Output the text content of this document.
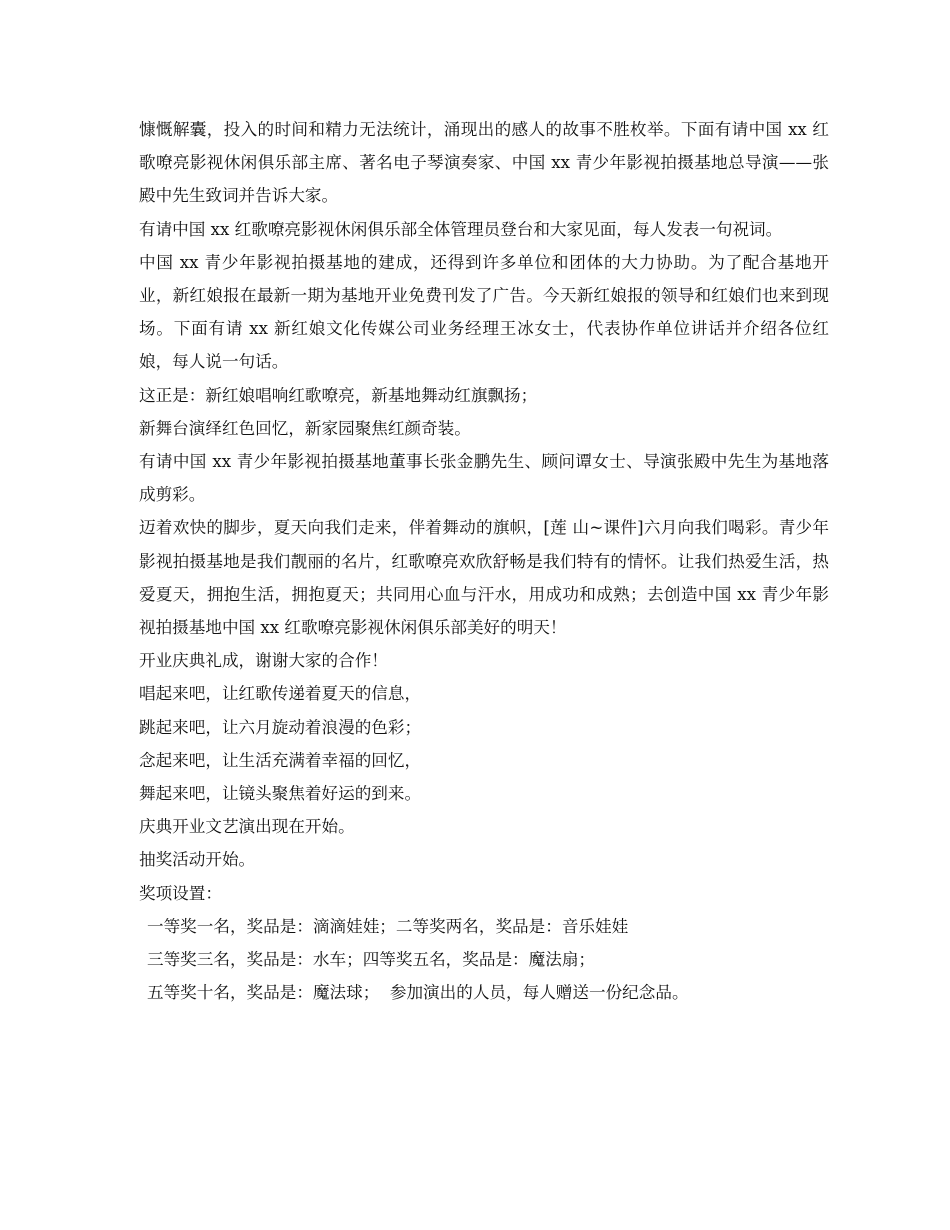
慷慨解囊，投入的时间和精力无法统计，涌现出的感人的故事不胜枚举。下面有请中国 xx 红歌嘹亮影视休闲俱乐部主席、著名电子琴演奏家、中国 xx 青少年影视拍摄基地总导演——张殿中先生致词并告诉大家。

有请中国 xx 红歌嘹亮影视休闲俱乐部全体管理员登台和大家见面，每人发表一句祝词。

中国 xx 青少年影视拍摄基地的建成，还得到许多单位和团体的大力协助。为了配合基地开业，新红娘报在最新一期为基地开业免费刊发了广告。今天新红娘报的领导和红娘们也来到现场。下面有请 xx 新红娘文化传媒公司业务经理王冰女士，代表协作单位讲话并介绍各位红娘，每人说一句话。

这正是：新红娘唱响红歌嘹亮，新基地舞动红旗飘扬；

新舞台演绎红色回忆，新家园聚焦红颜奇装。

有请中国 xx 青少年影视拍摄基地董事长张金鹏先生、顾问谭女士、导演张殿中先生为基地落成剪彩。

迈着欢快的脚步，夏天向我们走来，伴着舞动的旗帜，[莲 山~课件]六月向我们喝彩。青少年影视拍摄基地是我们靓丽的名片，红歌嘹亮欢欣舒畅是我们特有的情怀。让我们热爱生活，热爱夏天，拥抱生活，拥抱夏天；共同用心血与汗水，用成功和成熟；去创造中国 xx 青少年影视拍摄基地中国 xx 红歌嘹亮影视休闲俱乐部美好的明天！

开业庆典礼成，谢谢大家的合作！

唱起来吧，让红歌传递着夏天的信息，

跳起来吧，让六月旋动着浪漫的色彩；

念起来吧，让生活充满着幸福的回忆，

舞起来吧，让镜头聚焦着好运的到来。

庆典开业文艺演出现在开始。

抽奖活动开始。

奖项设置：

一等奖一名，奖品是：滴滴娃娃；二等奖两名，奖品是：音乐娃娃

三等奖三名，奖品是：水车；四等奖五名，奖品是：魔法扇；

五等奖十名，奖品是：魔法球；  参加演出的人员，每人赠送一份纪念品。
